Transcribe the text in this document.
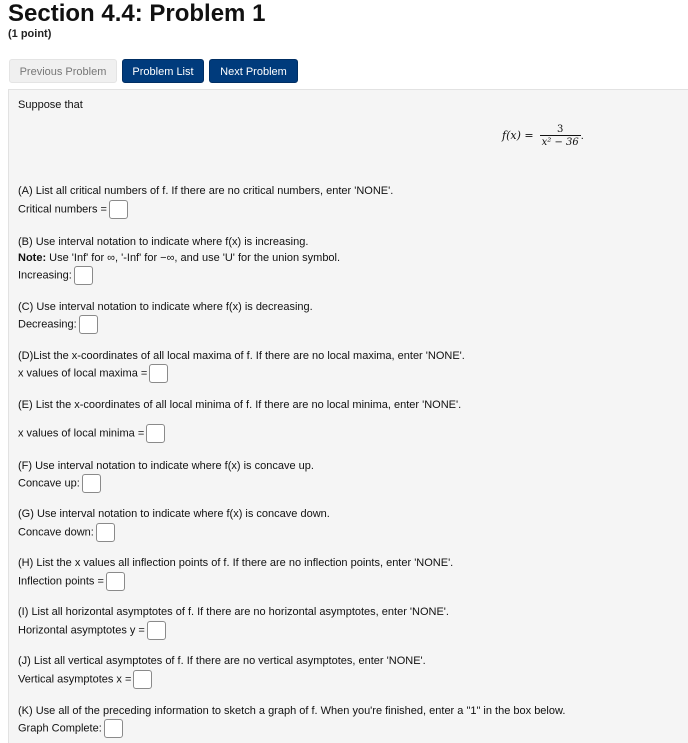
Section 4.4: Problem 1
(1 point)
Previous Problem	Problem List	Next Problem
Suppose that
$f(x) = \frac{3}{\text{x² − 36}}$ .
(A) List all critical numbers of f. If there are no critical numbers, enter 'NONE'.
Critical numbers =
(B) Use interval notation to indicate where f(x) is increasing.
Note: Use 'Inf' for ∞, '-Inf' for −∞, and use 'U' for the union symbol.
Increasing:
(C) Use interval notation to indicate where f(x) is decreasing.
Decreasing:
(D)List the x-coordinates of all local maxima of f. If there are no local maxima, enter 'NONE'.
x values of local maxima =
(E) List the x-coordinates of all local minima of f. If there are no local minima, enter 'NONE'.
x values of local minima =
(F) Use interval notation to indicate where f(x) is concave up.
Concave up:
(G) Use interval notation to indicate where f(x) is concave down.
Concave down:
(H) List the x values all inflection points of f. If there are no inflection points, enter 'NONE'.
Inflection points =
(I) List all horizontal asymptotes of f. If there are no horizontal asymptotes, enter 'NONE'.
Horizontal asymptotes y =
(J) List all vertical asymptotes of f. If there are no vertical asymptotes, enter 'NONE'.
Vertical asymptotes x =
(K) Use all of the preceding information to sketch a graph of f. When you're finished, enter a "1" in the box below.
Graph Complete:
